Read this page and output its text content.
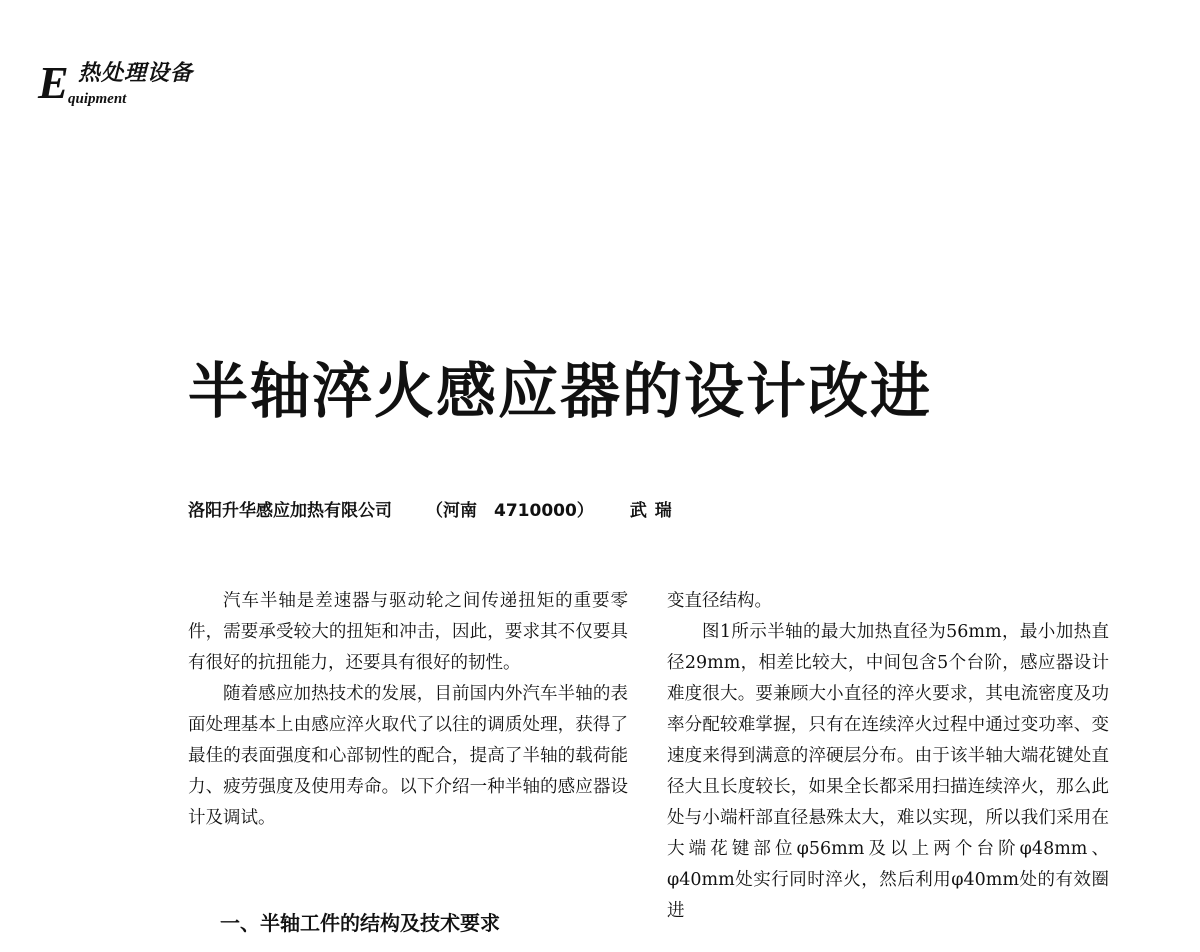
E 热处理设备
quipment
半轴淬火感应器的设计改进
洛阳升华感应加热有限公司 （河南　4710000） 武瑞

汽车半轴是差速器与驱动轮之间传递扭矩的重要零件，需要承受较大的扭矩和冲击，因此，要求其不仅要具有很好的抗扭能力，还要具有很好的韧性。

随着感应加热技术的发展，目前国内外汽车半轴的表面处理基本上由感应淬火取代了以往的调质处理，获得了最佳的表面强度和心部韧性的配合，提高了半轴的载荷能力、疲劳强度及使用寿命。以下介绍一种半轴的感应器设计及调试。

一、半轴工件的结构及技术要求

变直径结构。

图1所示半轴的最大加热直径为56mm，最小加热直径29mm，相差比较大，中间包含5个台阶，感应器设计难度很大。要兼顾大小直径的淬火要求，其电流密度及功率分配较难掌握，只有在连续淬火过程中通过变功率、变速度来得到满意的淬硬层分布。由于该半轴大端花键处直径大且长度较长，如果全长都采用扫描连续淬火，那么此处与小端杆部直径悬殊太大，难以实现，所以我们采用在大端花键部位φ56mm及以上两个台阶φ48mm、φ40mm处实行同时淬火，然后利用φ40mm处的有效圈进
